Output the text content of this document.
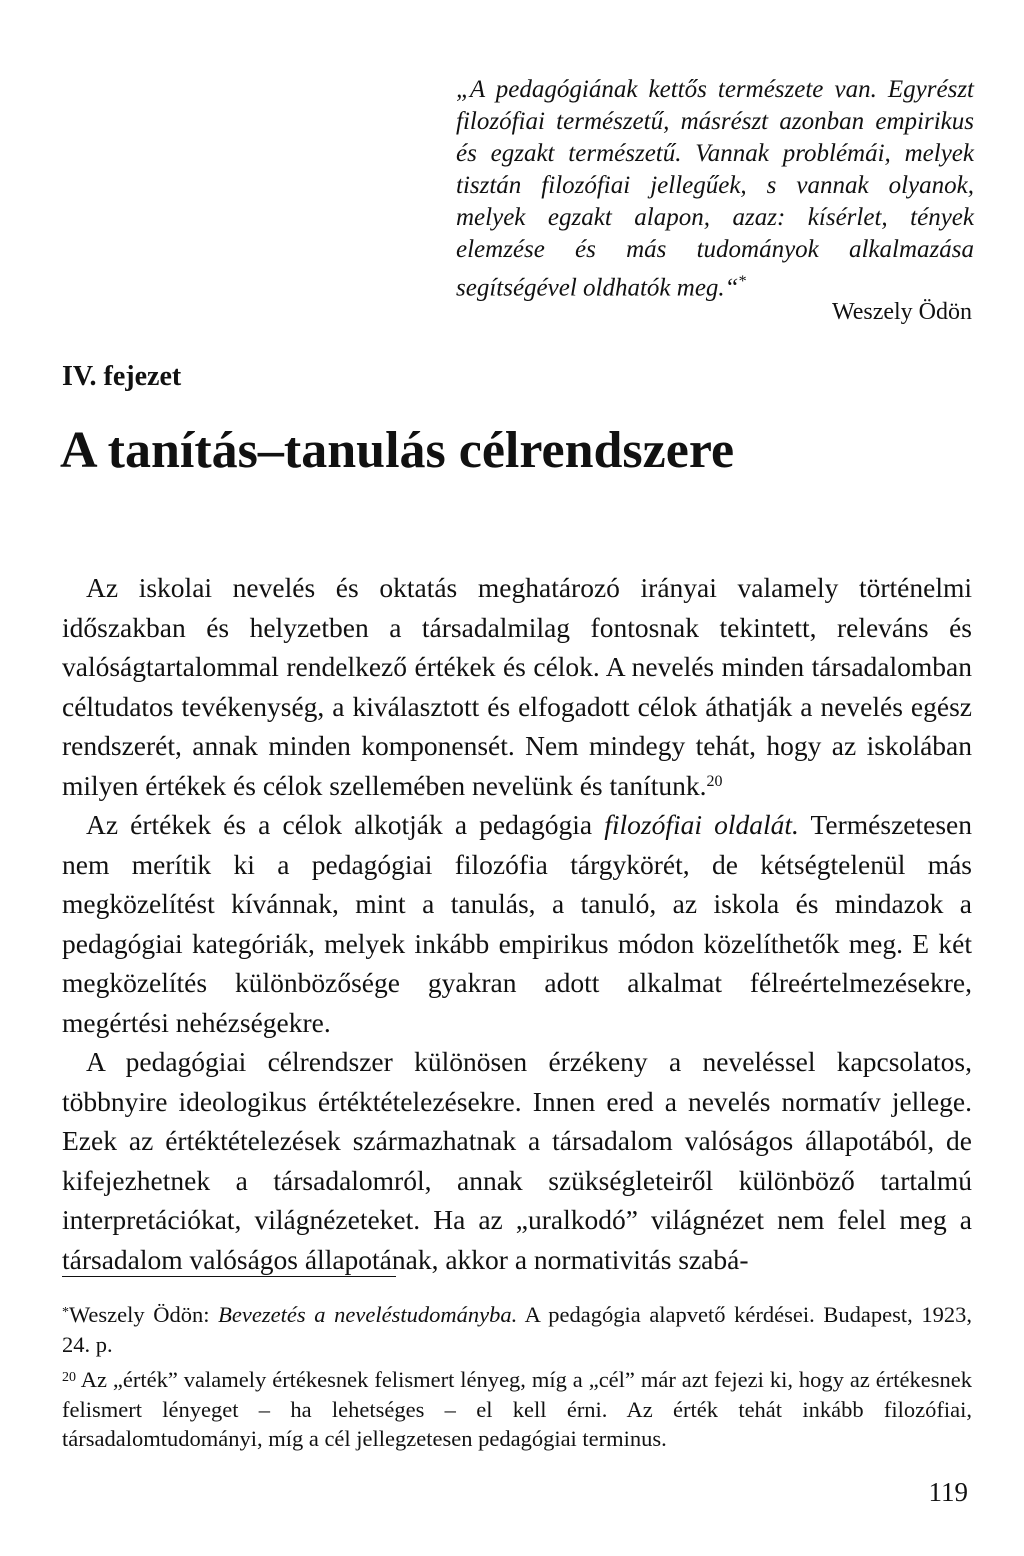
„A pedagógiának kettős természete van. Egyrészt filozófiai természetű, másrészt azonban empirikus és egzakt természetű. Vannak problémái, melyek tisztán filozófiai jellegűek, s vannak olyanok, melyek egzakt alapon, azaz: kísérlet, tények elemzése és más tudományok alkalmazása segítségével oldhatók meg.“*

Weszely Ödön
IV. fejezet
A tanítás–tanulás célrendszere

Az iskolai nevelés és oktatás meghatározó irányai valamely történelmi időszakban és helyzetben a társadalmilag fontosnak tekintett, releváns és valóságtartalommal rendelkező értékek és célok. A nevelés minden társadalomban céltudatos tevékenység, a kiválasztott és elfogadott célok áthatják a nevelés egész rendszerét, annak minden komponensét. Nem mindegy tehát, hogy az iskolában milyen értékek és célok szellemében nevelünk és tanítunk.$^{20}$

Az értékek és a célok alkotják a pedagógia filozófiai oldalát. Természetesen nem merítik ki a pedagógiai filozófia tárgykörét, de kétségtelenül más megközelítést kívánnak, mint a tanulás, a tanuló, az iskola és mindazok a pedagógiai kategóriák, melyek inkább empirikus módon közelíthetők meg. E két megközelítés különbözősége gyakran adott alkalmat félreértelmezésekre, megértési nehézségekre.

A pedagógiai célrendszer különösen érzékeny a neveléssel kapcsolatos, többnyire ideologikus értéktételezésekre. Innen ered a nevelés normatív jellege. Ezek az értéktételezések származhatnak a társadalom valóságos állapotából, de kifejezhetnek a társadalomról, annak szükségleteiről különböző tartalmú interpretációkat, világnézeteket. Ha az „uralkodó” világnézet nem felel meg a társadalom valóságos állapotának, akkor a normativitás szabá-

*Weszely Ödön: Bevezetés a neveléstudományba. A pedagógia alapvető kérdései. Budapest, 1923, 24. p.

$^{20}$ Az „érték” valamely értékesnek felismert lényeg, míg a „cél” már azt fejezi ki, hogy az értékesnek felismert lényeget – ha lehetséges – el kell érni. Az érték tehát inkább filozófiai, társadalomtudományi, míg a cél jellegzetesen pedagógiai terminus.

119
